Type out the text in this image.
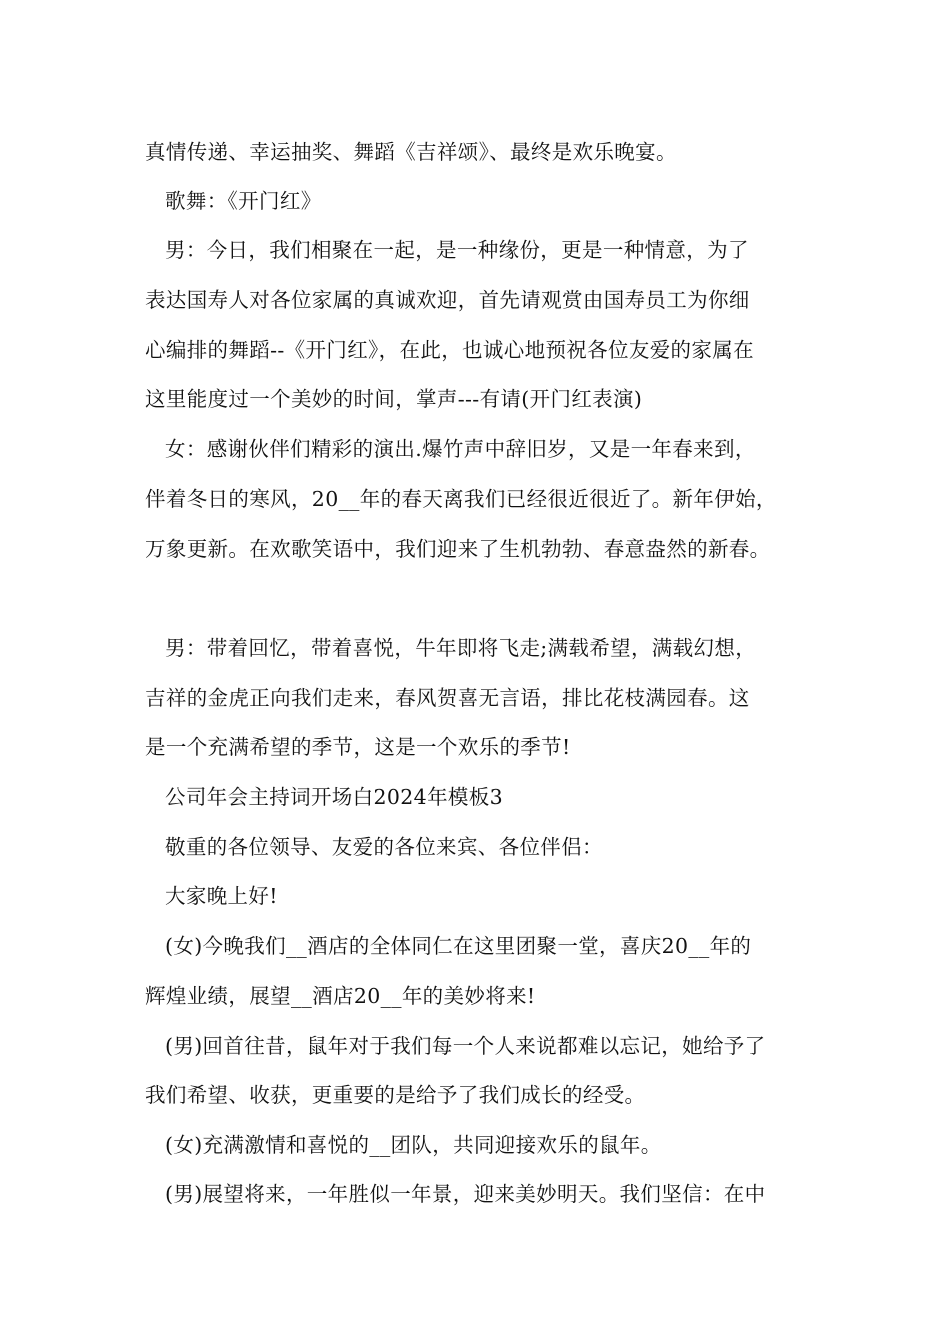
真情传递、幸运抽奖、舞蹈《吉祥颂》、最终是欢乐晚宴。
歌舞：《开门红》
男：今日，我们相聚在一起，是一种缘份，更是一种情意，为了
表达国寿人对各位家属的真诚欢迎，首先请观赏由国寿员工为你细
心编排的舞蹈--《开门红》，在此，也诚心地预祝各位友爱的家属在
这里能度过一个美妙的时间，掌声---有请(开门红表演)
女：感谢伙伴们精彩的演出.爆竹声中辞旧岁，又是一年春来到，
伴着冬日的寒风，20__年的春天离我们已经很近很近了。新年伊始，
万象更新。在欢歌笑语中，我们迎来了生机勃勃、春意盎然的新春。
男：带着回忆，带着喜悦，牛年即将飞走;满载希望，满载幻想，
吉祥的金虎正向我们走来，春风贺喜无言语，排比花枝满园春。这
是一个充满希望的季节，这是一个欢乐的季节!
公司年会主持词开场白2024年模板3
敬重的各位领导、友爱的各位来宾、各位伴侣：
大家晚上好!
(女)今晚我们__酒店的全体同仁在这里团聚一堂，喜庆20__年的
辉煌业绩，展望__酒店20__年的美妙将来!
(男)回首往昔，鼠年对于我们每一个人来说都难以忘记，她给予了
我们希望、收获，更重要的是给予了我们成长的经受。
(女)充满激情和喜悦的__团队，共同迎接欢乐的鼠年。
(男)展望将来，一年胜似一年景，迎来美妙明天。我们坚信：在中
